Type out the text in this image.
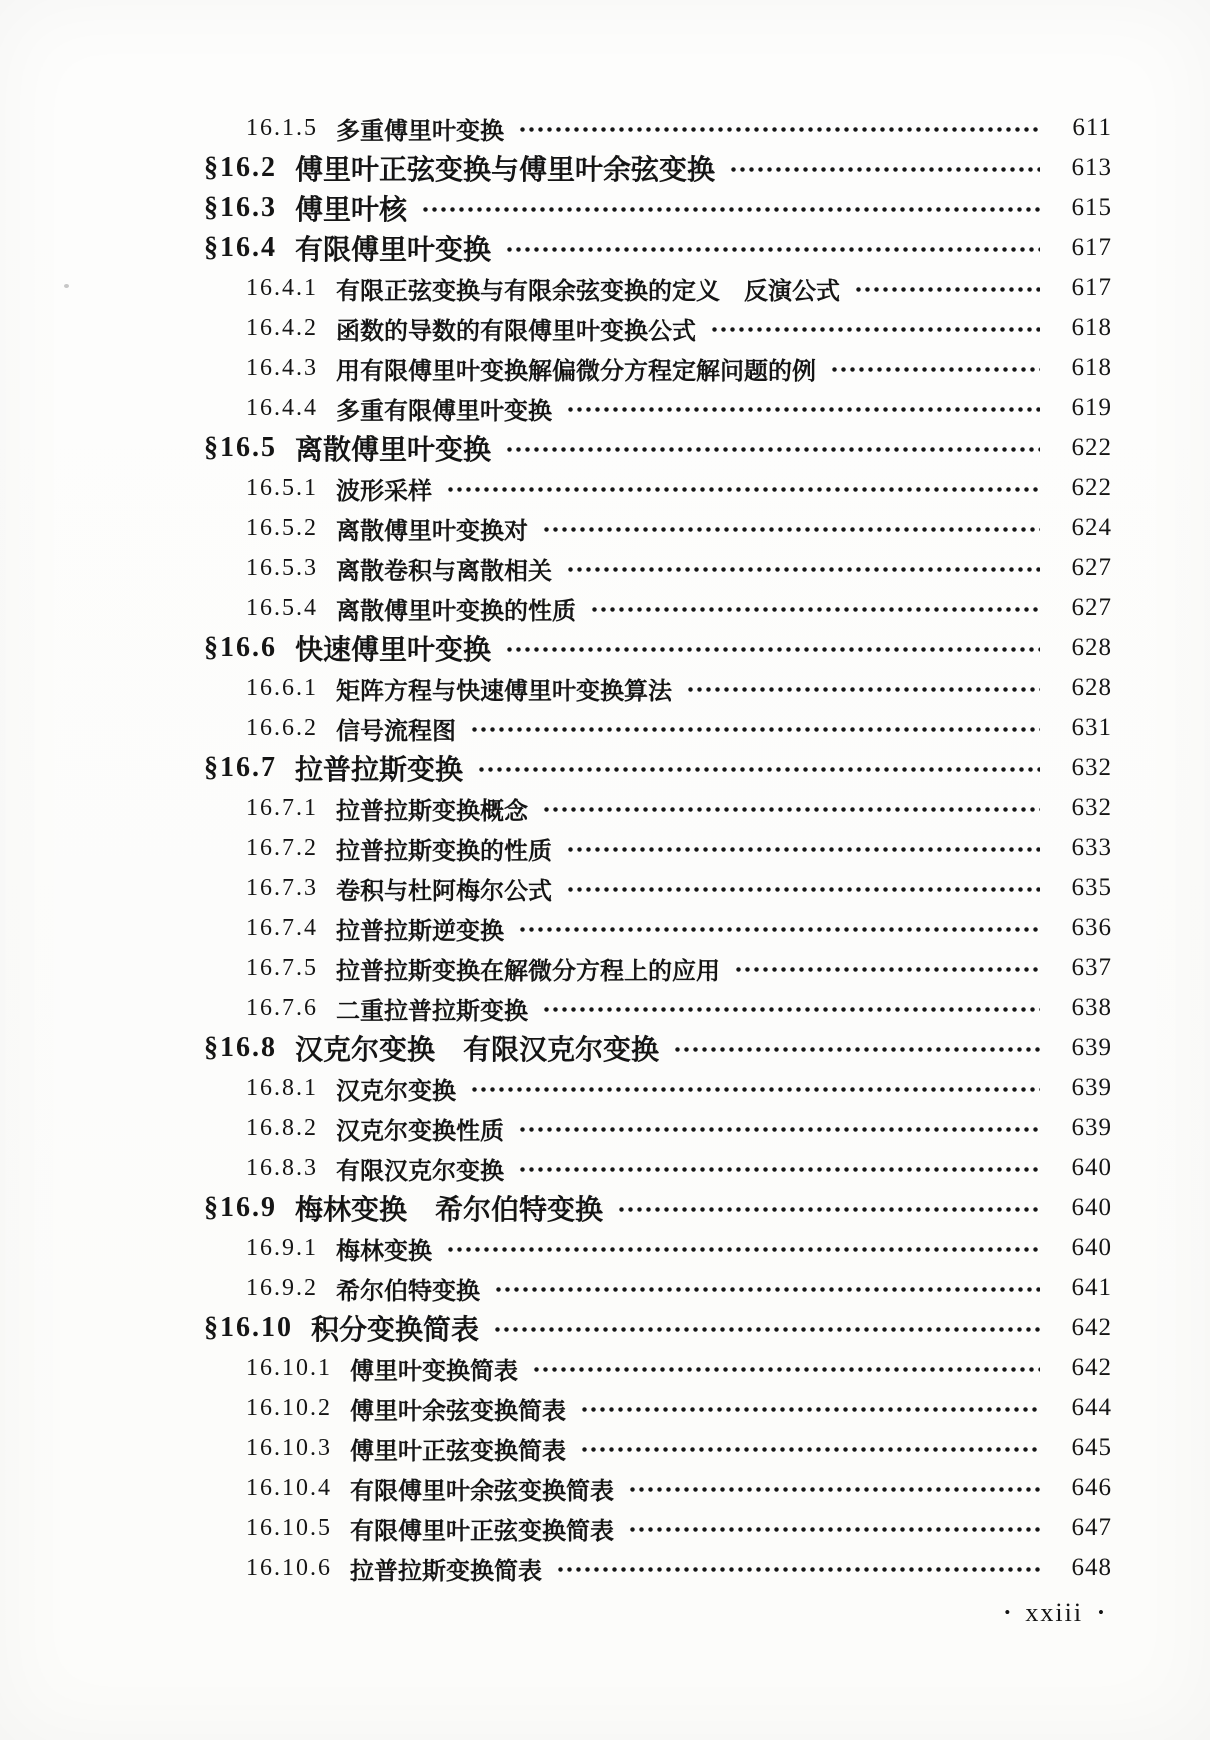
16.1.5 多重傅里叶变换	611
§16.2 傅里叶正弦变换与傅里叶余弦变换	613
§16.3 傅里叶核	615
§16.4 有限傅里叶变换	617
16.4.1 有限正弦变换与有限余弦变换的定义　反演公式	617
16.4.2 函数的导数的有限傅里叶变换公式	618
16.4.3 用有限傅里叶变换解偏微分方程定解问题的例	618
16.4.4 多重有限傅里叶变换	619
§16.5 离散傅里叶变换	622
16.5.1 波形采样	622
16.5.2 离散傅里叶变换对	624
16.5.3 离散卷积与离散相关	627
16.5.4 离散傅里叶变换的性质	627
§16.6 快速傅里叶变换	628
16.6.1 矩阵方程与快速傅里叶变换算法	628
16.6.2 信号流程图	631
§16.7 拉普拉斯变换	632
16.7.1 拉普拉斯变换概念	632
16.7.2 拉普拉斯变换的性质	633
16.7.3 卷积与杜阿梅尔公式	635
16.7.4 拉普拉斯逆变换	636
16.7.5 拉普拉斯变换在解微分方程上的应用	637
16.7.6 二重拉普拉斯变换	638
§16.8 汉克尔变换　有限汉克尔变换	639
16.8.1 汉克尔变换	639
16.8.2 汉克尔变换性质	639
16.8.3 有限汉克尔变换	640
§16.9 梅林变换　希尔伯特变换	640
16.9.1 梅林变换	640
16.9.2 希尔伯特变换	641
§16.10 积分变换简表	642
16.10.1 傅里叶变换简表	642
16.10.2 傅里叶余弦变换简表	644
16.10.3 傅里叶正弦变换简表	645
16.10.4 有限傅里叶余弦变换简表	646
16.10.5 有限傅里叶正弦变换简表	647
16.10.6 拉普拉斯变换简表	648
• xxiii •
